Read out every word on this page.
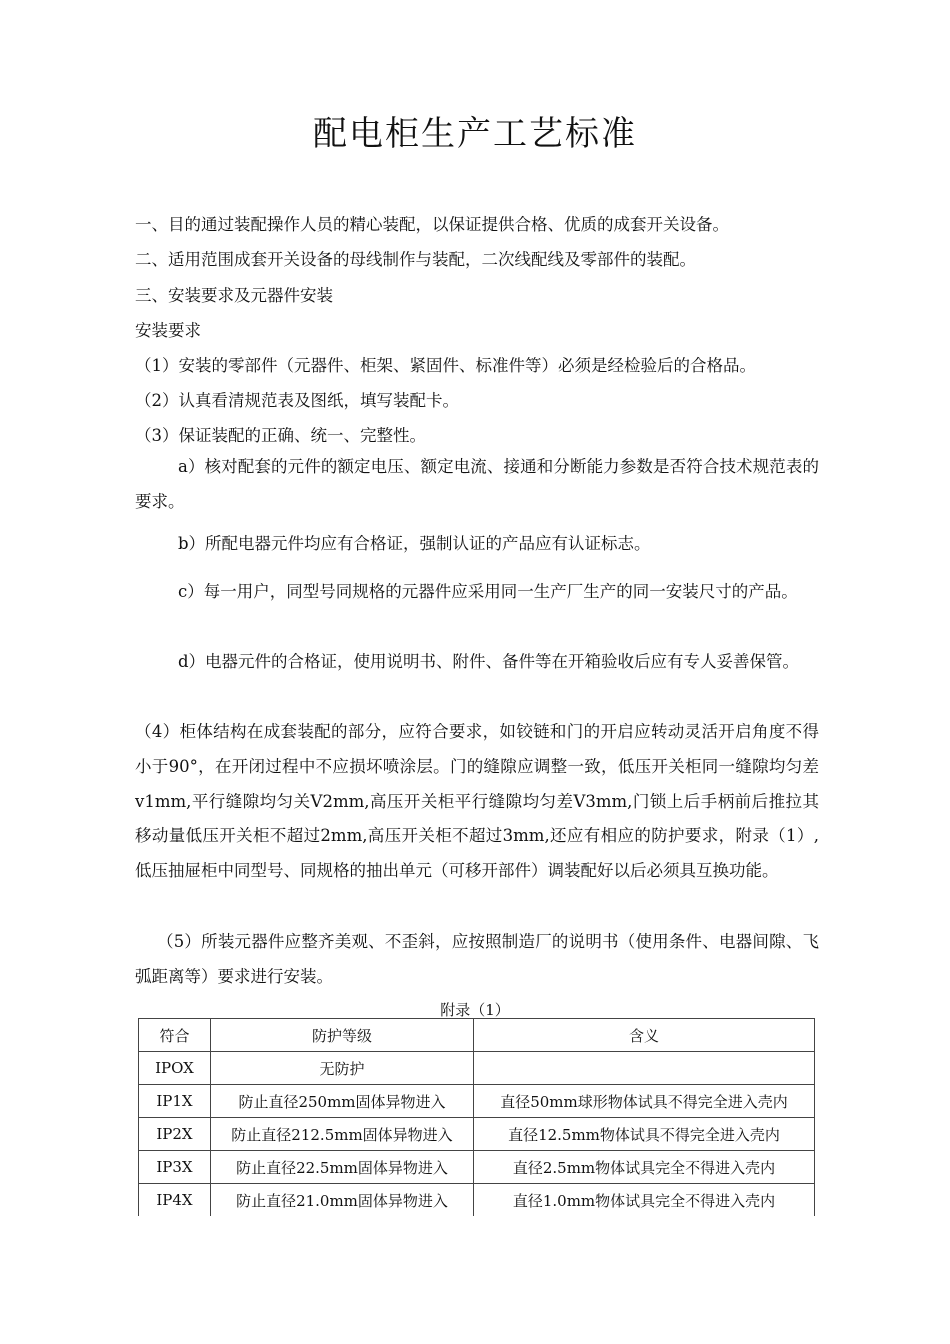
配电柜生产工艺标准
一、目的通过装配操作人员的精心装配，以保证提供合格、优质的成套开关设备。
二、适用范围成套开关设备的母线制作与装配，二次线配线及零部件的装配。
三、安装要求及元器件安装
安装要求
（1）安装的零部件（元器件、柜架、紧固件、标准件等）必须是经检验后的合格品。
（2）认真看清规范表及图纸，填写装配卡。
（3）保证装配的正确、统一、完整性。
a）核对配套的元件的额定电压、额定电流、接通和分断能力参数是否符合技术规范表的要求。
b）所配电器元件均应有合格证，强制认证的产品应有认证标志。
c）每一用户，同型号同规格的元器件应采用同一生产厂生产的同一安装尺寸的产品。
d）电器元件的合格证，使用说明书、附件、备件等在开箱验收后应有专人妥善保管。
（4）柜体结构在成套装配的部分，应符合要求，如铰链和门的开启应转动灵活开启角度不得小于90°，在开闭过程中不应损坏喷涂层。门的缝隙应调整一致，低压开关柜同一缝隙均匀差v1mm,平行缝隙均匀关V2mm,高压开关柜平行缝隙均匀差V3mm,门锁上后手柄前后推拉其移动量低压开关柜不超过2mm,高压开关柜不超过3mm,还应有相应的防护要求，附录（1）,低压抽屉柜中同型号、同规格的抽出单元（可移开部件）调装配好以后必须具互换功能。
（5）所装元器件应整齐美观、不歪斜，应按照制造厂的说明书（使用条件、电器间隙、飞弧距离等）要求进行安装。
附录（1）
符合	防护等级	含义
IPOX	无防护	
IP1X	防止直径250mm固体异物进入	直径50mm球形物体试具不得完全进入壳内
IP2X	防止直径212.5mm固体异物进入	直径12.5mm物体试具不得完全进入壳内
IP3X	防止直径22.5mm固体异物进入	直径2.5mm物体试具完全不得进入壳内
IP4X	防止直径21.0mm固体异物进入	直径1.0mm物体试具完全不得进入壳内
